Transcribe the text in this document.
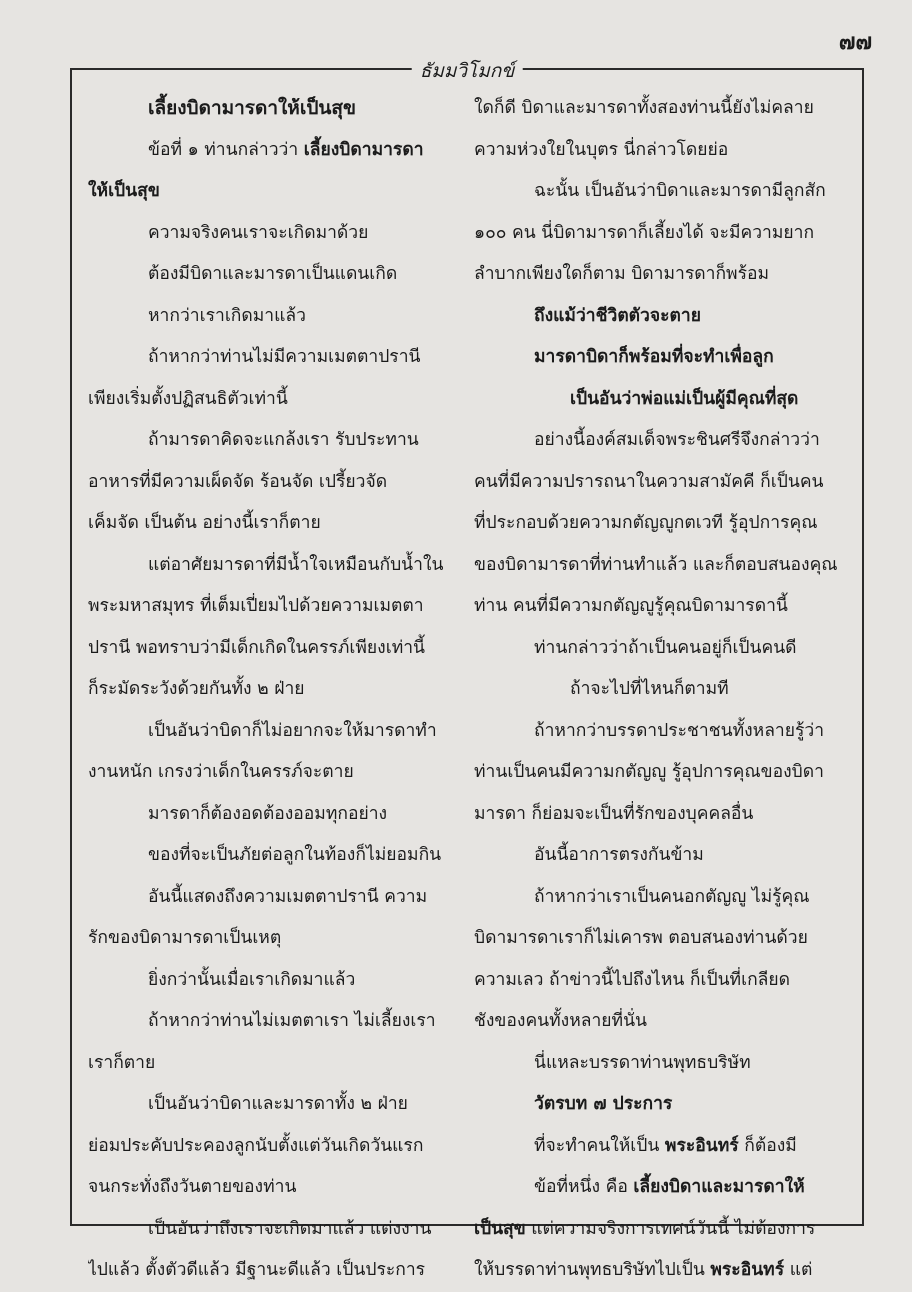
๗๗
ธัมมวิโมกข์
เลี้ยงบิดามารดาให้เป็นสุข
ข้อที่ ๑ ท่านกล่าวว่า เลี้ยงบิดามารดา
ให้เป็นสุข
ความจริงคนเราจะเกิดมาด้วย
ต้องมีบิดาและมารดาเป็นแดนเกิด
หากว่าเราเกิดมาแล้ว
ถ้าหากว่าท่านไม่มีความเมตตาปรานี
เพียงเริ่มตั้งปฏิสนธิตัวเท่านี้
ถ้ามารดาคิดจะแกล้งเรา รับประทาน
อาหารที่มีความเผ็ดจัด ร้อนจัด เปรี้ยวจัด
เค็มจัด เป็นต้น อย่างนี้เราก็ตาย
แต่อาศัยมารดาที่มีน้ำใจเหมือนกับน้ำใน
พระมหาสมุทร ที่เต็มเปี่ยมไปด้วยความเมตตา
ปรานี พอทราบว่ามีเด็กเกิดในครรภ์เพียงเท่านี้
ก็ระมัดระวังด้วยกันทั้ง ๒ ฝ่าย
เป็นอันว่าบิดาก็ไม่อยากจะให้มารดาทำ
งานหนัก เกรงว่าเด็กในครรภ์จะตาย
มารดาก็ต้องอดต้องออมทุกอย่าง
ของที่จะเป็นภัยต่อลูกในท้องก็ไม่ยอมกิน
อันนี้แสดงถึงความเมตตาปรานี ความ
รักของบิดามารดาเป็นเหตุ
ยิ่งกว่านั้นเมื่อเราเกิดมาแล้ว
ถ้าหากว่าท่านไม่เมตตาเรา ไม่เลี้ยงเรา
เราก็ตาย
เป็นอันว่าบิดาและมารดาทั้ง ๒ ฝ่าย
ย่อมประคับประคองลูกนับตั้งแต่วันเกิดวันแรก
จนกระทั่งถึงวันตายของท่าน
เป็นอันว่าถึงเราจะเกิดมาแล้ว แต่งงาน
ไปแล้ว ตั้งตัวดีแล้ว มีฐานะดีแล้ว เป็นประการ
ใดก็ดี บิดาและมารดาทั้งสองท่านนี้ยังไม่คลาย
ความห่วงใยในบุตร นี่กล่าวโดยย่อ
ฉะนั้น เป็นอันว่าบิดาและมารดามีลูกสัก
๑๐๐ คน นี่บิดามารดาก็เลี้ยงได้ จะมีความยาก
ลำบากเพียงใดก็ตาม บิดามารดาก็พร้อม
ถึงแม้ว่าชีวิตตัวจะตาย
มารดาบิดาก็พร้อมที่จะทำเพื่อลูก
เป็นอันว่าพ่อแม่เป็นผู้มีคุณที่สุด
อย่างนี้องค์สมเด็จพระชินศรีจึงกล่าวว่า
คนที่มีความปรารถนาในความสามัคคี ก็เป็นคน
ที่ประกอบด้วยความกตัญญูกตเวที รู้อุปการคุณ
ของบิดามารดาที่ท่านทำแล้ว และก็ตอบสนองคุณ
ท่าน คนที่มีความกตัญญูรู้คุณบิดามารดานี้
ท่านกล่าวว่าถ้าเป็นคนอยู่ก็เป็นคนดี
ถ้าจะไปที่ไหนก็ตามที
ถ้าหากว่าบรรดาประชาชนทั้งหลายรู้ว่า
ท่านเป็นคนมีความกตัญญู รู้อุปการคุณของบิดา
มารดา ก็ย่อมจะเป็นที่รักของบุคคลอื่น
อันนี้อาการตรงกันข้าม
ถ้าหากว่าเราเป็นคนอกตัญญู ไม่รู้คุณ
บิดามารดาเราก็ไม่เคารพ ตอบสนองท่านด้วย
ความเลว ถ้าข่าวนี้ไปถึงไหน ก็เป็นที่เกลียด
ชังของคนทั้งหลายที่นั่น
นี่แหละบรรดาท่านพุทธบริษัท
วัตรบท ๗ ประการ
ที่จะทำคนให้เป็น พระอินทร์ ก็ต้องมี
ข้อที่หนึ่ง คือ เลี้ยงบิดาและมารดาให้
เป็นสุข แต่ความจริงการเทศน์วันนี้ ไม่ต้องการ
ให้บรรดาท่านพุทธบริษัทไปเป็น พระอินทร์ แต่
